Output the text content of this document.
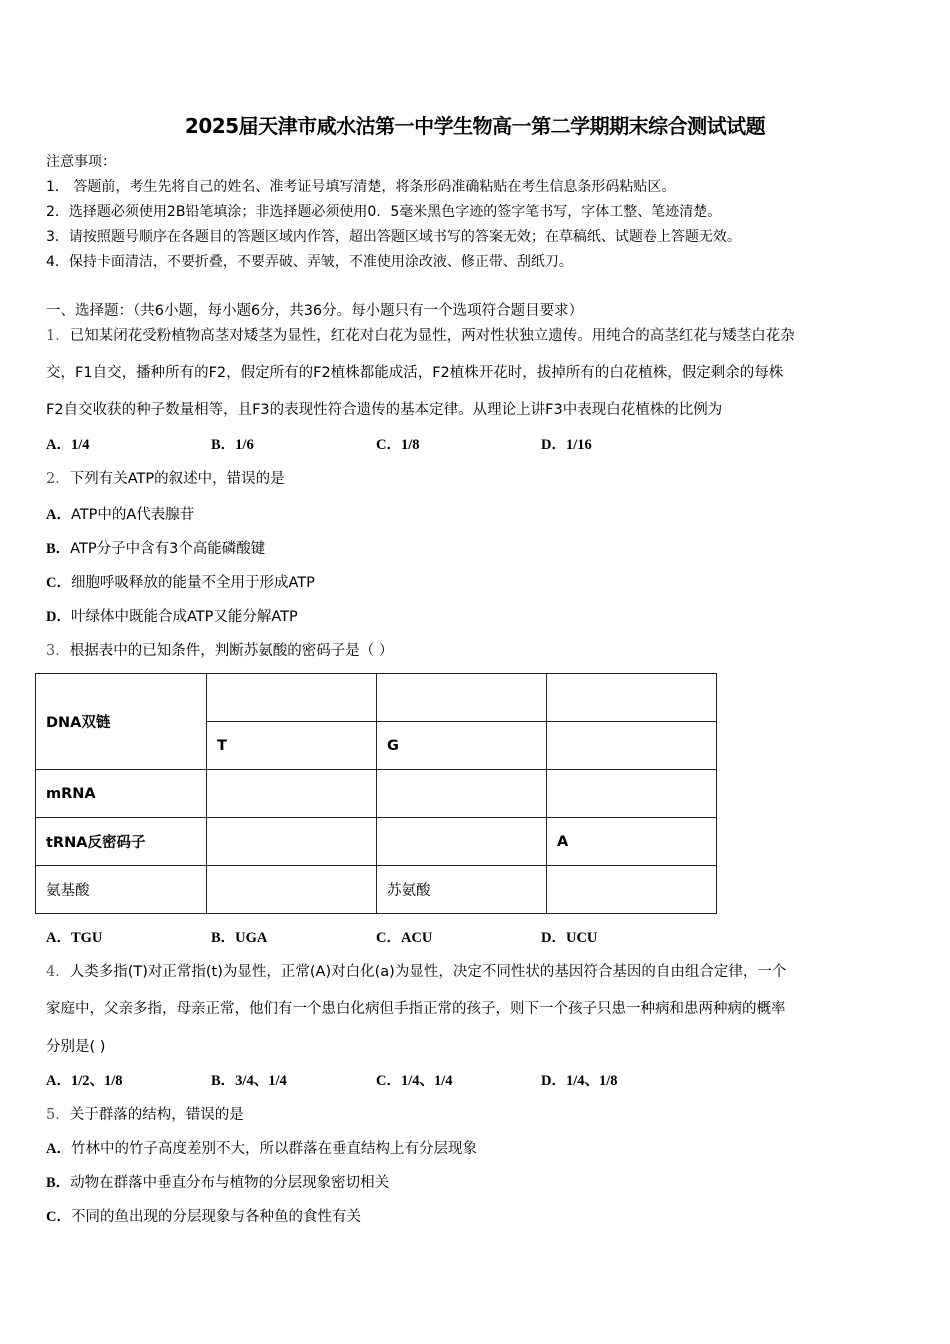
2025届天津市咸水沽第一中学生物高一第二学期期末综合测试试题
注意事项：
1． 答题前，考生先将自己的姓名、准考证号填写清楚，将条形码准确粘贴在考生信息条形码粘贴区。
2．选择题必须使用2B铅笔填涂；非选择题必须使用0．5毫米黑色字迹的签字笔书写，字体工整、笔迹清楚。
3．请按照题号顺序在各题目的答题区域内作答，超出答题区域书写的答案无效；在草稿纸、试题卷上答题无效。
4．保持卡面清洁，不要折叠，不要弄破、弄皱，不准使用涂改液、修正带、刮纸刀。
一、选择题：（共6小题，每小题6分，共36分。每小题只有一个选项符合题目要求）
1．已知某闭花受粉植物高茎对矮茎为显性，红花对白花为显性，两对性状独立遗传。用纯合的高茎红花与矮茎白花杂
交，F1自交，播种所有的F2，假定所有的F2植株都能成活，F2植株开花时，拔掉所有的白花植株，假定剩余的每株
F2自交收获的种子数量相等，且F3的表现性符合遗传的基本定律。从理论上讲F3中表现白花植株的比例为
A．1/4	B．1/6	C．1/8	D．1/16
2．下列有关ATP的叙述中，错误的是
A．ATP中的A代表腺苷
B．ATP分子中含有3个高能磷酸键
C．细胞呼吸释放的能量不全用于形成ATP
D．叶绿体中既能合成ATP又能分解ATP
3．根据表中的已知条件，判断苏氨酸的密码子是（ ）
DNA双链			
	T	G	
mRNA			
tRNA反密码子			A
氨基酸		苏氨酸	
A．TGU	B．UGA	C．ACU	D．UCU
4．人类多指(T)对正常指(t)为显性，正常(A)对白化(a)为显性，决定不同性状的基因符合基因的自由组合定律，一个
家庭中，父亲多指，母亲正常，他们有一个患白化病但手指正常的孩子，则下一个孩子只患一种病和患两种病的概率
分别是( )
A．1/2、1/8	B．3/4、1/4	C．1/4、1/4	D．1/4、1/8
5．关于群落的结构，错误的是
A．竹林中的竹子高度差别不大，所以群落在垂直结构上有分层现象
B．动物在群落中垂直分布与植物的分层现象密切相关
C．不同的鱼出现的分层现象与各种鱼的食性有关
